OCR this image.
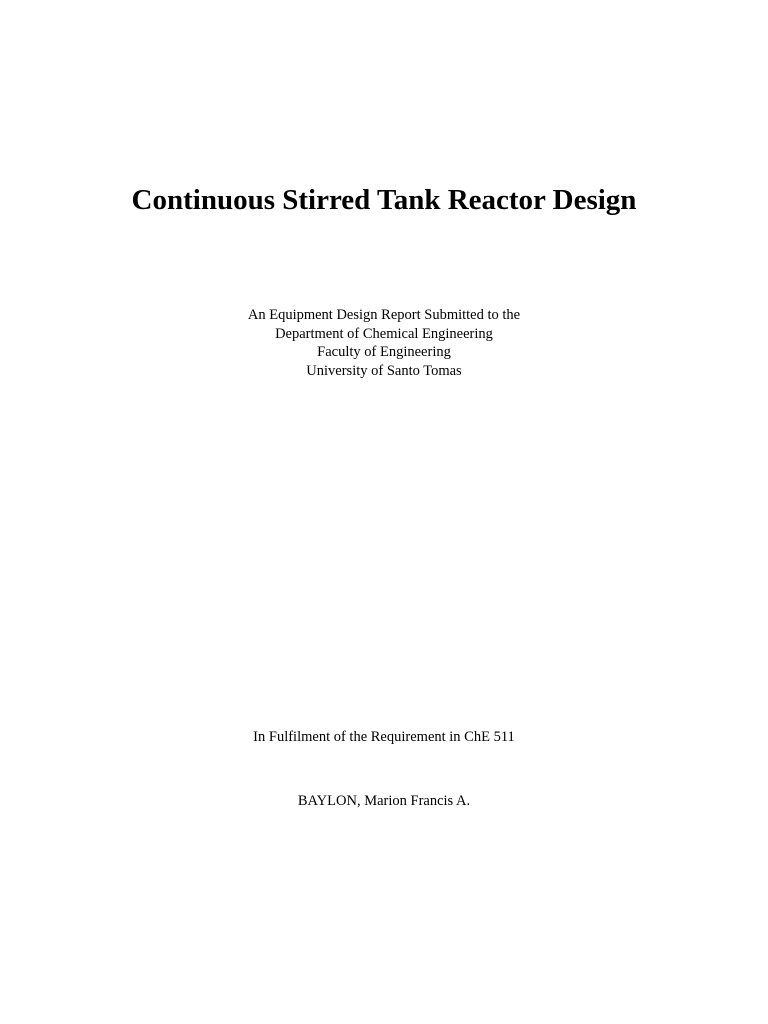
Continuous Stirred Tank Reactor Design
An Equipment Design Report Submitted to the
Department of Chemical Engineering
Faculty of Engineering
University of Santo Tomas
In Fulfilment of the Requirement in ChE 511
BAYLON, Marion Francis A.
